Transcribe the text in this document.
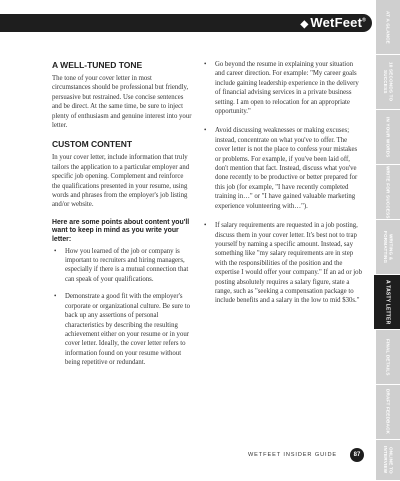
◆ WetFeet®
A WELL-TUNED TONE

The tone of your cover letter in most circumstances should be professional but friendly, persuasive but restrained. Use concise sentences and be direct. At the same time, be sure to inject plenty of enthusiasm and genuine interest into your letter.

CUSTOM CONTENT

In your cover letter, include information that truly tailors the application to a particular employer and specific job opening. Complement and reinforce the qualifications presented in your resume, using words and phrases from the employer's job listing and/or website.

Here are some points about content you'll want to keep in mind as you write your letter:
• How you learned of the job or company is important to recruiters and hiring managers, especially if there is a mutual connection that can speak of your qualifications.
• Demonstrate a good fit with the employer's corporate or organizational culture. Be sure to back up any assertions of personal characteristics by describing the resulting achievement either on your resume or in your cover letter. Ideally, the cover letter refers to information found on your resume without being repetitive or redundant.
• Go beyond the resume in explaining your situation and career direction. For example: "My career goals include gaining leadership experience in the delivery of financial advising services in a private business setting. I am open to relocation for an appropriate opportunity."
• Avoid discussing weaknesses or making excuses; instead, concentrate on what you've to offer. The cover letter is not the place to confess your mistakes or problems. For example, if you've been laid off, don't mention that fact. Instead, discuss what you've done recently to be productive or better prepared for this job (for example, "I have recently completed training in…" or "I have gained valuable marketing experience volunteering with…").
• If salary requirements are requested in a job posting, discuss them in your cover letter. It's best not to trap yourself by naming a specific amount. Instead, say something like "my salary requirements are in step with the responsibilities of the position and the expertise I would offer your company." If an ad or job posting absolutely requires a salary figure, state a range, such as "seeking a compensation package to include benefits and a salary in the low to mid $30s."
AT A GLANCE
10 SECONDS TO SUCCESS
IN YOUR WORDS
WRITE FOR SUCCESS
WRITING & FORMATTING
A TASTY LETTER
FINAL DETAILS
DRAFT FEEDBACK
ONLINE TO INTERVIEW
WETFEET INSIDER GUIDE	87
